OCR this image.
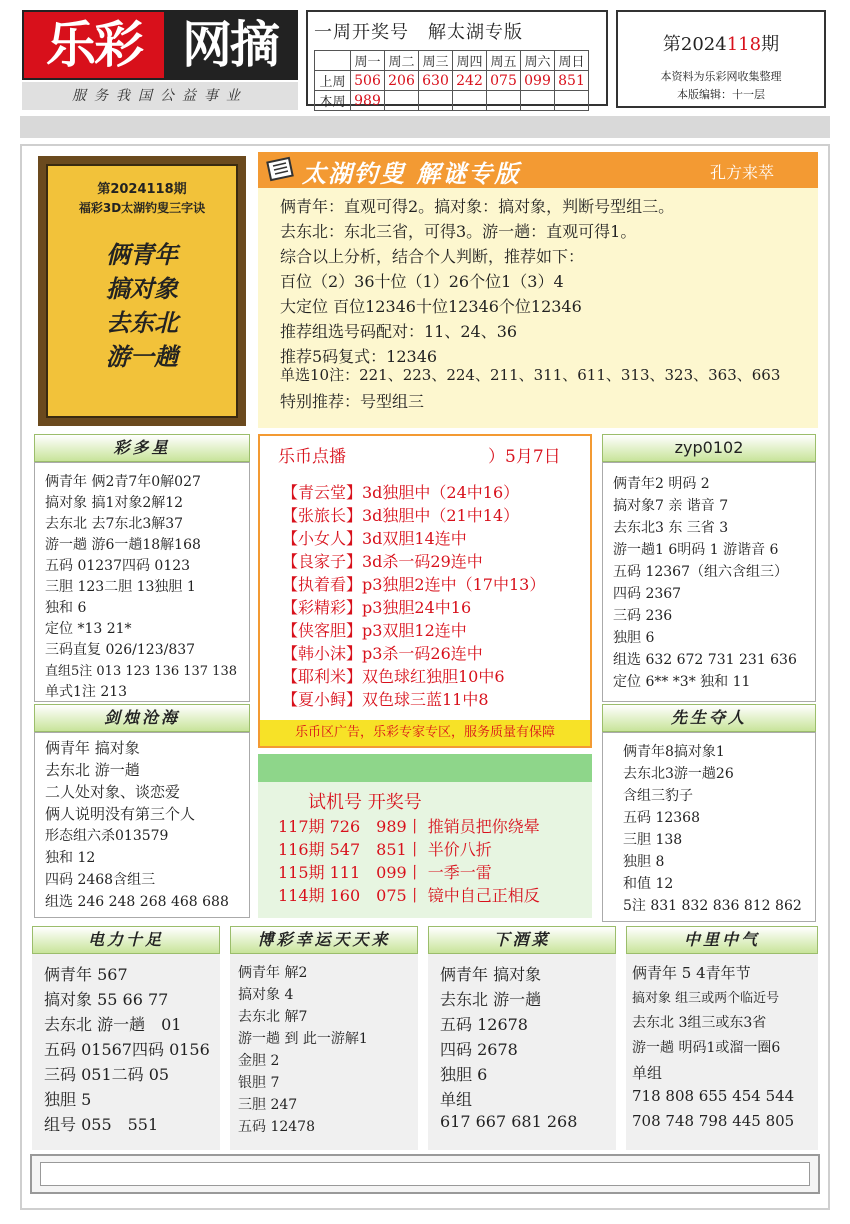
乐彩 网摘
服务我国公益事业
一周开奖号　解太湖专版
	周一	周二	周三	周四	周五	周六	周日
上周	506	206	630	242	075	099	851
本周	989						
第2024118期
本资料为乐彩网收集整理
本版编辑：十一层
第2024118期
福彩3D太湖钓叟三字诀
俩青年
搞对象
去东北
游一趟
太湖钓叟 解谜专版	孔方来萃
俩青年：直观可得2。搞对象：搞对象，判断号型组三。
去东北：东北三省，可得3。游一趟：直观可得1。
综合以上分析，结合个人判断，推荐如下：
百位（2）36十位（1）26个位1（3）4
大定位 百位12346十位12346个位12346
推荐组选号码配对：11、24、36
推荐5码复式：12346
单选10注：221、223、224、211、311、611、313、323、363、663
特别推荐：号型组三
彩多星
俩青年 俩2青7年0解027
搞对象 搞1对象2解12
去东北 去7东北3解37
游一趟 游6一趟18解168
五码 01237四码 0123
三胆 123二胆 13独胆 1
独和 6
定位 *13 21*
三码直复 026/123/837
直组5注 013 123 136 137 138
单式1注 213
乐币点播	）5月7日
【青云堂】3d独胆中（24中16）
【张旅长】3d独胆中（21中14）
【小女人】3d双胆14连中
【良家子】3d杀一码29连中
【执着看】p3独胆2连中（17中13）
【彩精彩】p3独胆24中16
【侠客胆】p3双胆12连中
【韩小沫】p3杀一码26连中
【耶利米】双色球红独胆10中6
【夏小鲟】双色球三蓝11中8
乐币区广告，乐彩专家专区，服务质量有保障
zyp0102
俩青年2 明码 2
搞对象7 亲 谐音 7
去东北3 东 三省 3
游一趟1 6明码 1 游谐音 6
五码 12367（组六含组三）
四码 2367
三码 236
独胆 6
组选 632 672 731 231 636
定位 6** *3* 独和 11
剑烛沧海
俩青年 搞对象
去东北 游一趟
二人处对象、谈恋爱
俩人说明没有第三个人
形态组六杀013579
独和 12
四码 2468含组三
组选 246 248 268 468 688
试机号 开奖号
117期 726　989丨 推销员把你绕晕
116期 547　851丨 半价八折
115期 111　099丨 一季一雷
114期 160　075丨 镜中自己正相反
先生夺人
俩青年8搞对象1
去东北3游一趟26
含组三豹子
五码 12368
三胆 138
独胆 8
和值 12
5注 831 832 836 812 862
电力十足
俩青年 567
搞对象 55 66 77
去东北 游一趟　01
五码 01567四码 0156
三码 051二码 05
独胆 5
组号 055　551
博彩幸运天天来
俩青年 解2
搞对象 4
去东北 解7
游一趟 到 此一游解1
金胆 2
银胆 7
三胆 247
五码 12478
下酒菜
俩青年 搞对象
去东北 游一趟
五码 12678
四码 2678
独胆 6
单组
617 667 681 268
中里中气
俩青年 5 4青年节
搞对象 组三或两个临近号
去东北 3组三或东3省
游一趟 明码1或溜一圈6
单组
718 808 655 454 544
708 748 798 445 805
